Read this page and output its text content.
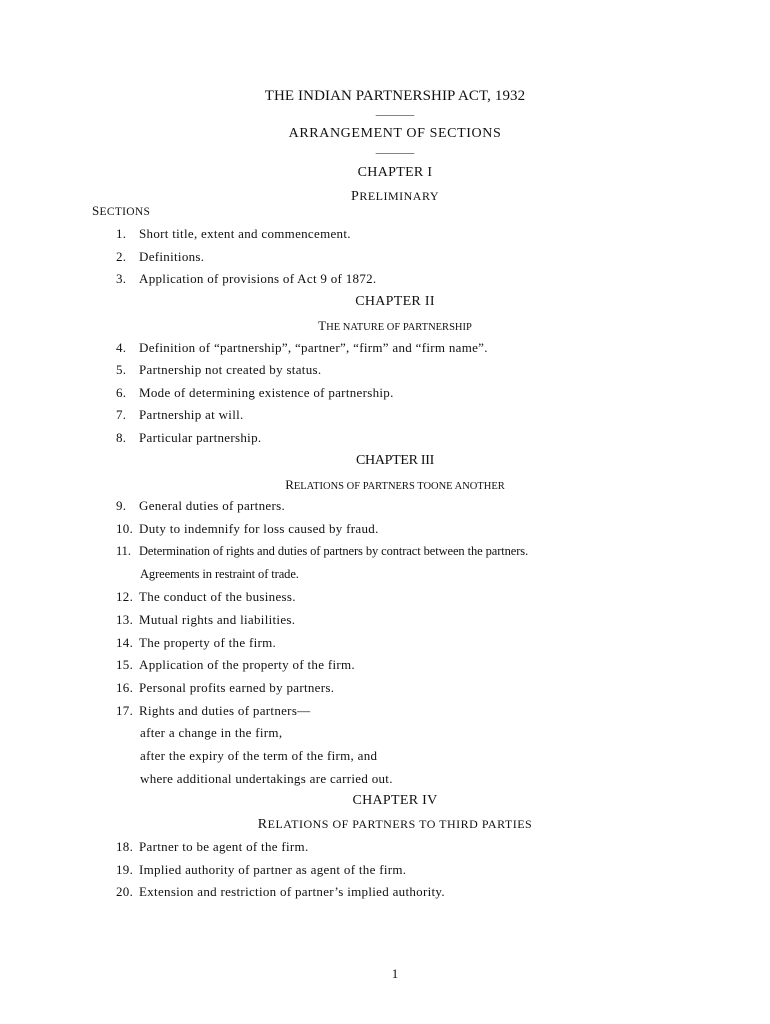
THE INDIAN PARTNERSHIP ACT, 1932
———–
ARRANGEMENT OF SECTIONS
———–
CHAPTER I
PRELIMINARY
SECTIONS
1. Short title, extent and commencement.
2. Definitions.
3. Application of provisions of Act 9 of 1872.
CHAPTER II
THE NATURE OF PARTNERSHIP
4. Definition of “partnership”, “partner”, “firm” and “firm name”.
5. Partnership not created by status.
6. Mode of determining existence of partnership.
7. Partnership at will.
8. Particular partnership.
CHAPTER III
RELATIONS OF PARTNERS TOONE ANOTHER
9. General duties of partners.
10. Duty to indemnify for loss caused by fraud.
11. Determination of rights and duties of partners by contract between the partners.
Agreements in restraint of trade.
12. The conduct of the business.
13. Mutual rights and liabilities.
14. The property of the firm.
15. Application of the property of the firm.
16. Personal profits earned by partners.
17. Rights and duties of partners—
after a change in the firm,
after the expiry of the term of the firm, and
where additional undertakings are carried out.
CHAPTER IV
RELATIONS OF PARTNERS TO THIRD PARTIES
18. Partner to be agent of the firm.
19. Implied authority of partner as agent of the firm.
20. Extension and restriction of partner’s implied authority.
1
